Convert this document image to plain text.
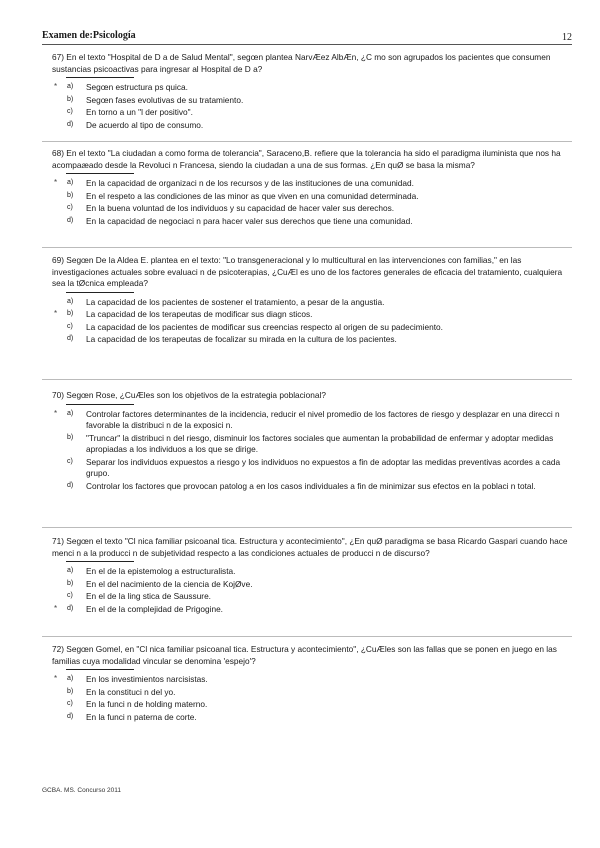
Examen de:Psicología	12
67) En el texto "Hospital de D a de Salud Mental", segœn plantea NarvÆez AlbÆn, ¿C mo son agrupados los pacientes que consumen sustancias psicoactivas para ingresar al Hospital de D a?
* a) Segœn estructura ps quica.
b) Segœn fases evolutivas de su tratamiento.
c) En torno a un "l der positivo".
d) De acuerdo al tipo de consumo.
68) En el texto "La ciudadan a como forma de tolerancia", Saraceno,B. refiere que la tolerancia ha sido el paradigma iluminista que nos ha acompaæado desde la Revoluci n Francesa, siendo la ciudadan a una de sus formas. ¿En quØ se basa la misma?
* a) En la capacidad de organizaci n de los recursos y de las instituciones de una comunidad.
b) En el respeto a las condiciones de las minor as que viven en una comunidad determinada.
c) En la buena voluntad de los individuos y su capacidad de hacer valer sus derechos.
d) En la capacidad de negociaci n para hacer valer sus derechos que tiene una comunidad.
69) Segœn De la Aldea E. plantea en el texto: "Lo transgeneracional y lo multicultural en las intervenciones con familias," en las investigaciones actuales sobre evaluaci n de psicoterapias, ¿CuÆl es uno de los factores generales de eficacia del tratamiento, cualquiera sea la tØcnica empleada?
a) La capacidad de los pacientes de sostener el tratamiento, a pesar de la angustia.
* b) La capacidad de los terapeutas de modificar sus diagn sticos.
c) La capacidad de los pacientes de modificar sus creencias respecto al origen de su padecimiento.
d) La capacidad de los terapeutas de focalizar su mirada en la cultura de los pacientes.
70) Segœn Rose, ¿CuÆles son los objetivos de la estrategia poblacional?
* a) Controlar factores determinantes de la incidencia, reducir el nivel promedio de los factores de riesgo y desplazar en una direcci n favorable la distribuci n de la exposici n.
b) "Truncar" la distribuci n del riesgo, disminuir los factores sociales que aumentan la probabilidad de enfermar y adoptar medidas apropiadas a los individuos a los que se dirige.
c) Separar los individuos expuestos a riesgo y los individuos no expuestos a fin de adoptar las medidas preventivas acordes a cada grupo.
d) Controlar los factores que provocan patolog a en los casos individuales a fin de minimizar sus efectos en la poblaci n total.
71) Segœn el texto "Cl nica familiar psicoanal tica. Estructura y acontecimiento", ¿En quØ paradigma se basa Ricardo Gaspari cuando hace menci n a la producci n de subjetividad respecto a las condiciones actuales de producci n de discurso?
a) En el de la epistemolog a estructuralista.
b) En el del nacimiento de la ciencia de KojØve.
c) En el de la ling stica de Saussure.
* d) En el de la complejidad de Prigogine.
72) Segœn Gomel, en "Cl nica familiar psicoanal tica. Estructura y acontecimiento", ¿CuÆles son las fallas que se ponen en juego en las familias cuya modalidad vincular se denomina 'espejo'?
* a) En los investimientos narcisistas.
b) En la constituci n del yo.
c) En la funci n de holding materno.
d) En la funci n paterna de corte.
GCBA. MS. Concurso 2011
